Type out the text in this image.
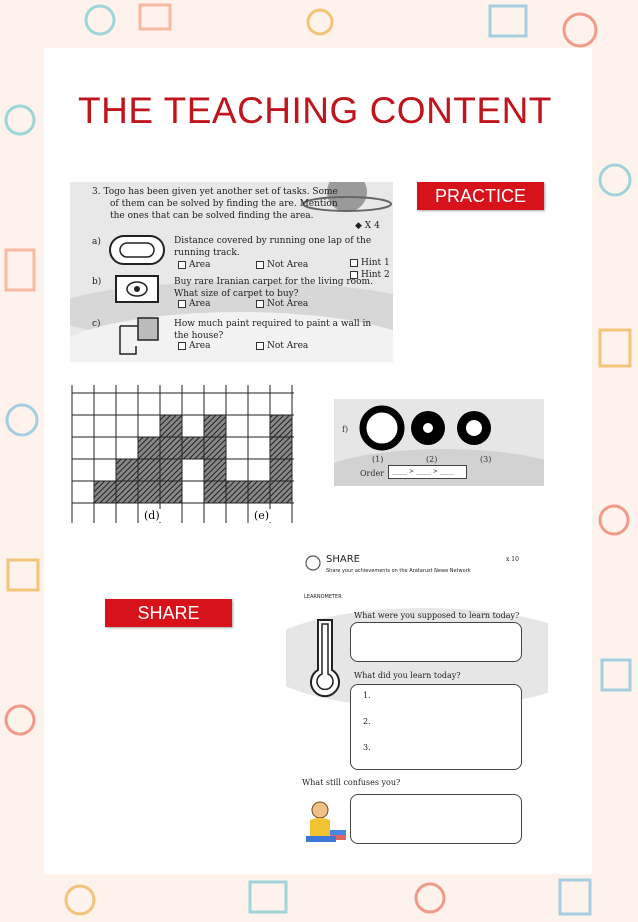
THE TEACHING CONTENT
PRACTICE
3. Togo has been given yet another set of tasks. Some
of them can be solved by finding the are. Mention
the ones that can be solved finding the area.
◆ X 4
a)	Distance covered by running one lap of the
running track.
Area	Not Area	Hint 1
Hint 2
b)	Buy rare Iranian carpet for the living room.
What size of carpet to buy?
Area	Not Area
c)	How much paint required to paint a wall in
the house?
Area	Not Area
(d)	(e)
f)
(1)	(2)	(3)
Order	_____ > _____ > _____
SHARE
SHARE
Share your achievements on the Aratarust Newe Network
x 10
LEARNOMETER
What were you supposed to learn today?
What did you learn today?
1.
2.
3.
What still confuses you?
